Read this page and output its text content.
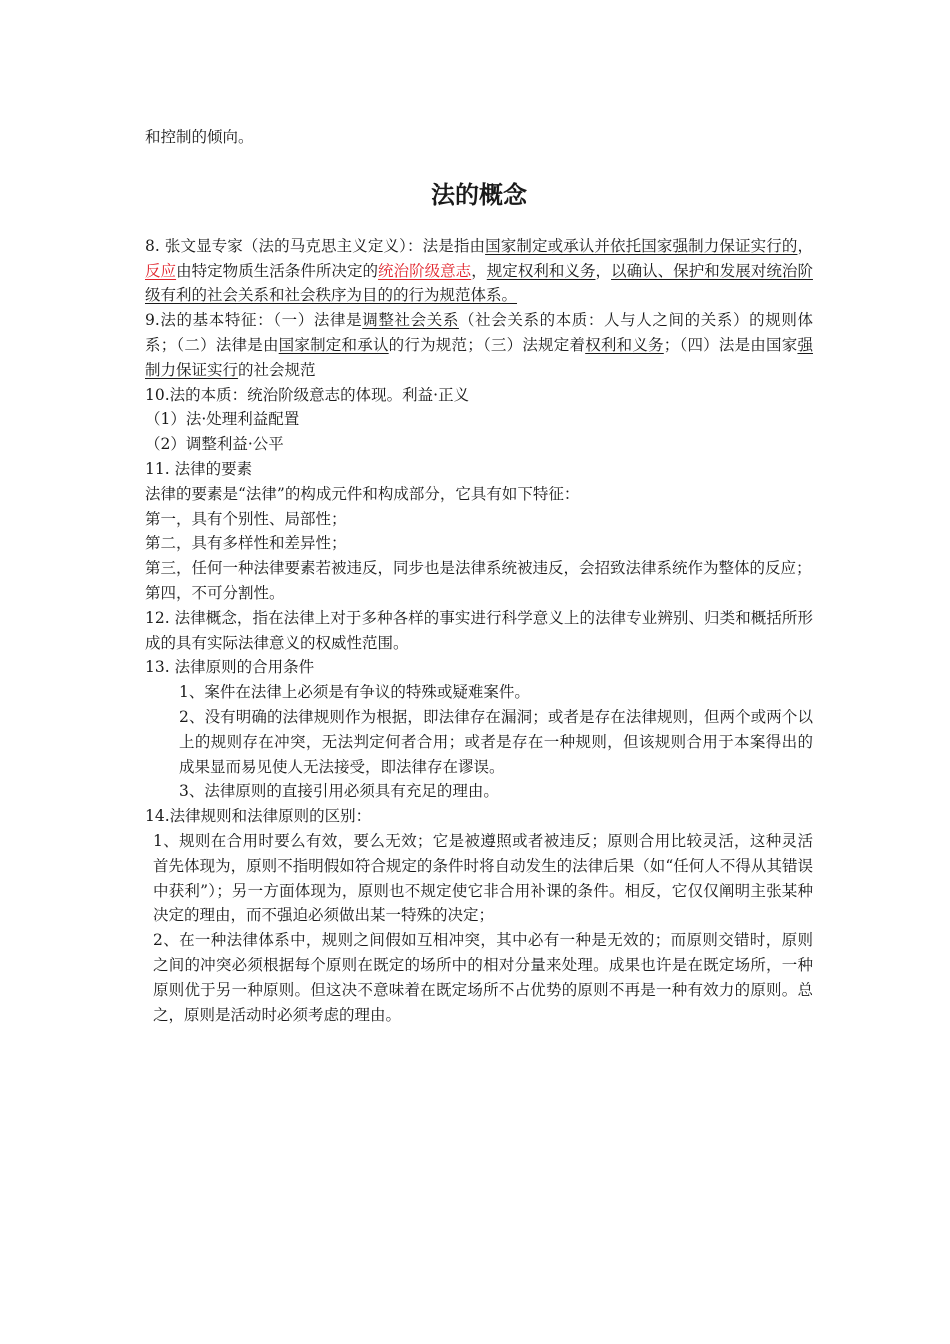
和控制的倾向。

法的概念

8. 张文显专家（法的马克思主义定义）：法是指由国家制定或承认并依托国家强制力保证实行的，反应由特定物质生活条件所决定的统治阶级意志，规定权利和义务，以确认、保护和发展对统治阶级有利的社会关系和社会秩序为目的的行为规范体系。

9.法的基本特征：（一）法律是调整社会关系（社会关系的本质：人与人之间的关系）的规则体系；（二）法律是由国家制定和承认的行为规范；（三）法规定着权利和义务；（四）法是由国家强制力保证实行的社会规范

10.法的本质：统治阶级意志的体现。利益·正义

（1）法·处理利益配置

（2）调整利益·公平

11. 法律的要素

法律的要素是“法律”的构成元件和构成部分，它具有如下特征：

第一，具有个别性、局部性；

第二，具有多样性和差异性；

第三，任何一种法律要素若被违反，同步也是法律系统被违反，会招致法律系统作为整体的反应；

第四，不可分割性。

12. 法律概念，指在法律上对于多种各样的事实进行科学意义上的法律专业辨别、归类和概括所形成的具有实际法律意义的权威性范围。

13. 法律原则的合用条件

1、案件在法律上必须是有争议的特殊或疑难案件。

2、没有明确的法律规则作为根据，即法律存在漏洞；或者是存在法律规则，但两个或两个以上的规则存在冲突，无法判定何者合用；或者是存在一种规则，但该规则合用于本案得出的成果显而易见使人无法接受，即法律存在谬误。

3、法律原则的直接引用必须具有充足的理由。

14.法律规则和法律原则的区别：

1、规则在合用时要么有效，要么无效；它是被遵照或者被违反；原则合用比较灵活，这种灵活首先体现为，原则不指明假如符合规定的条件时将自动发生的法律后果（如“任何人不得从其错误中获利”）；另一方面体现为，原则也不规定使它非合用补课的条件。相反，它仅仅阐明主张某种决定的理由，而不强迫必须做出某一特殊的决定；

2、在一种法律体系中，规则之间假如互相冲突，其中必有一种是无效的；而原则交错时，原则之间的冲突必须根据每个原则在既定的场所中的相对分量来处理。成果也许是在既定场所，一种原则优于另一种原则。但这决不意味着在既定场所不占优势的原则不再是一种有效力的原则。总之，原则是活动时必须考虑的理由。
